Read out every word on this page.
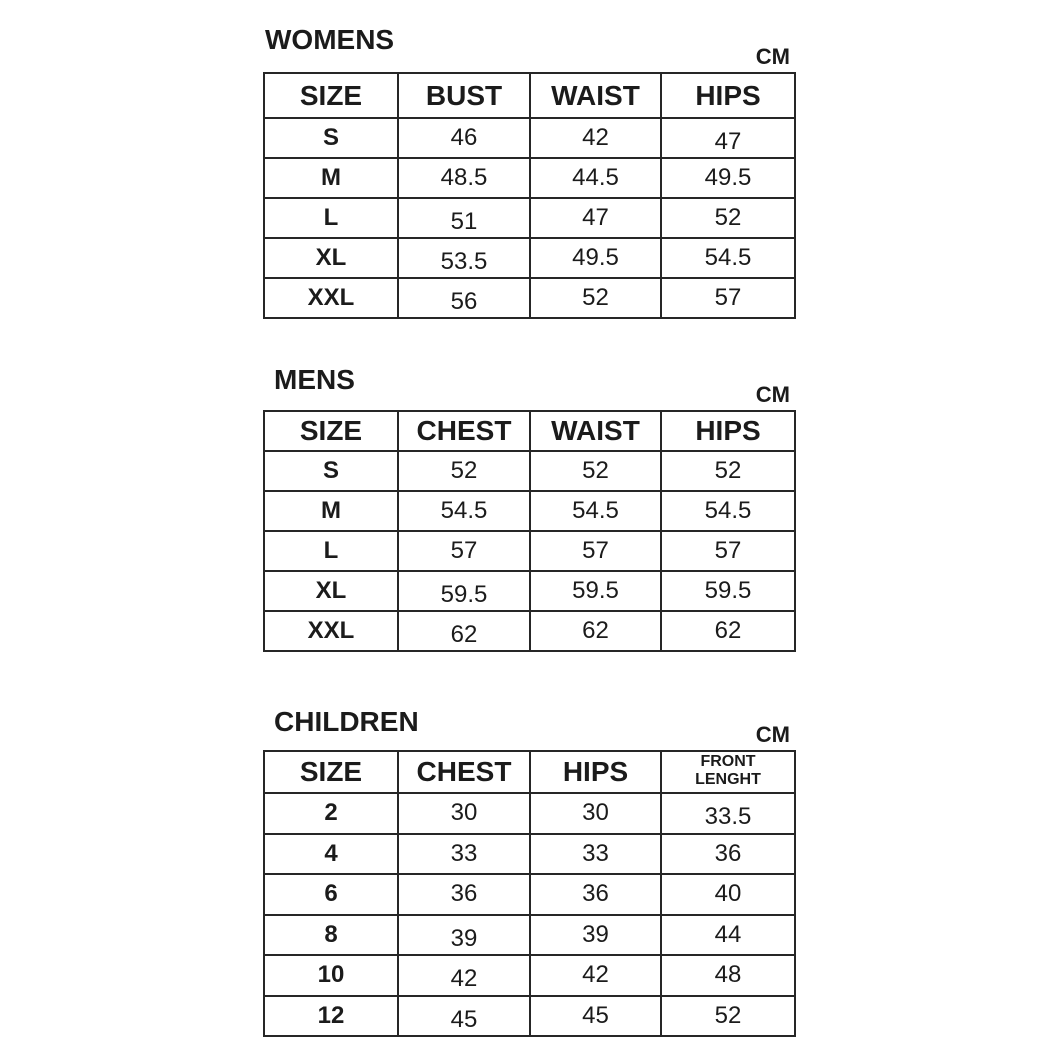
WOMENS
CM
SIZE	BUST	WAIST	HIPS
S	46	42	47
M	48.5	44.5	49.5
L	51	47	52
XL	53.5	49.5	54.5
XXL	56	52	57
MENS	CM
SIZE	CHEST	WAIST	HIPS
S	52	52	52
M	54.5	54.5	54.5
L	57	57	57
XL	59.5	59.5	59.5
XXL	62	62	62
CHILDREN	CM
SIZE	CHEST	HIPS	FRONT LENGHT
2	30	30	33.5
4	33	33	36
6	36	36	40
8	39	39	44
10	42	42	48
12	45	45	52
